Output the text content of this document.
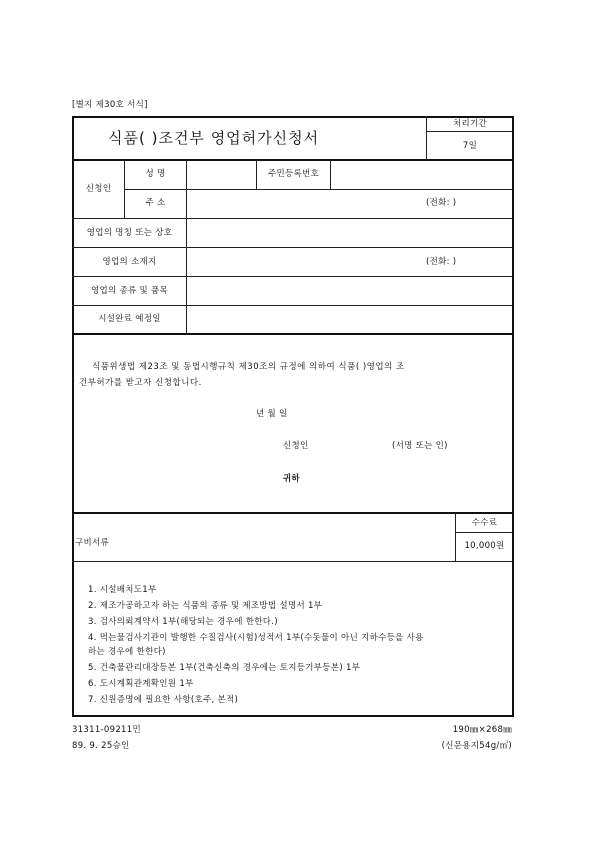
[별지 제30호 서식]
식품( )조건부 영업허가신청서
처리기간
7일
신청인
성 명	주민등록번호
주 소	(전화: )
영업의 명칭 또는 상호
영업의 소재지	(전화: )
영업의 종류 및 품목
시설완료 예정일
식품위생법 제23조 및 동법시행규칙 제30조의 규정에 의하여 식품( )영업의 조
건부허가를 받고자 신청합니다.
년 월 일
신청인	(서명 또는 인)
귀하
수수료
10,000원
구비서류
1. 시설배치도1부
2. 제조가공하고자 하는 식품의 종류 및 제조방법 설명서 1부
3. 검사의뢰계약서 1부(해당되는 경우에 한한다.)
4. 먹는물검사기관이 발행한 수질검사(시험)성적서 1부(수돗물이 아닌 지하수등을 사용
하는 경우에 한한다)
5. 건축물관리대장등본 1부(건축신축의 경우에는 토지등기부등본) 1부
6. 도시계획관계확인원 1부
7. 신원증명에 필요한 사항(호주, 본적)
31311-09211민
89. 9. 25승인
190㎜×268㎜
(신문용지54g/㎡)
